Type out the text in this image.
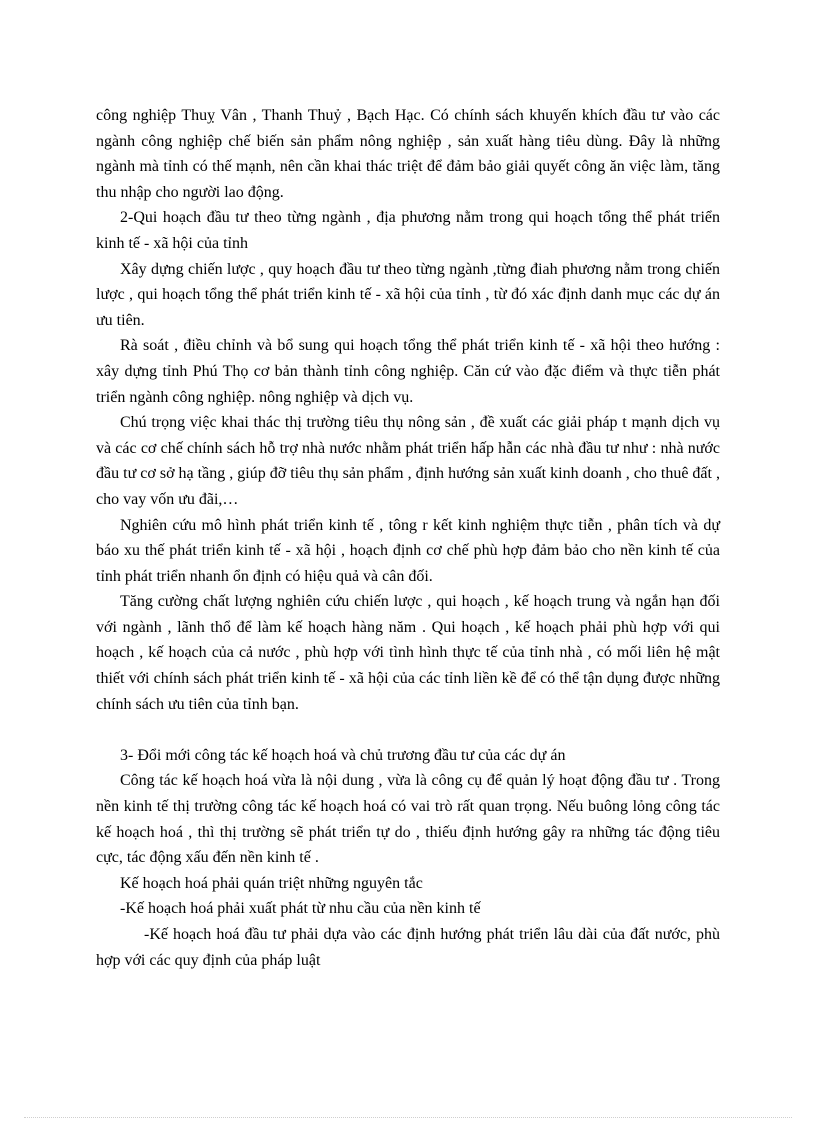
công nghiệp Thuỵ Vân , Thanh Thuỷ , Bạch Hạc. Có chính sách khuyến khích đầu tư vào các ngành công nghiệp chế biến sản phẩm nông nghiệp , sản xuất hàng tiêu dùng. Đây là những ngành mà tỉnh có thế mạnh, nên cần khai thác triệt để đảm bảo giải quyết công ăn việc làm, tăng thu nhập cho người lao động.

2-Qui hoạch đầu tư theo từng ngành , địa phương nằm trong qui hoạch tổng thể phát triển kinh tế - xã hội của tỉnh

Xây dựng chiến lược , quy hoạch đầu tư theo từng ngành ,từng điah phương nằm trong chiến lược , qui hoạch tổng thể phát triển kinh tế - xã hội của tỉnh , từ đó xác định danh mục các dự án ưu tiên.

Rà soát , điều chỉnh và bổ sung qui hoạch tổng thể phát triển kinh tế - xã hội theo hướng : xây dựng tỉnh Phú Thọ cơ bản thành tỉnh công nghiệp. Căn cứ vào đặc điểm và thực tiễn phát triển ngành công nghiệp. nông nghiệp và dịch vụ.

Chú trọng việc khai thác thị trường tiêu thụ nông sản , đề xuất các giải pháp t mạnh dịch vụ và các cơ chế chính sách hỗ trợ nhà nước nhằm phát triển hấp hẫn các nhà đầu tư như : nhà nước đầu tư cơ sở hạ tầng , giúp đỡ tiêu thụ sản phẩm , định hướng sản xuất kinh doanh , cho thuê đất , cho vay vốn ưu đãi,…

Nghiên cứu mô hình phát triển kinh tế , tông r kết kinh nghiệm thực tiễn , phân tích và dự báo xu thế phát triển kinh tế - xã hội , hoạch định cơ chế phù hợp đảm bảo cho nền kinh tế của tỉnh phát triển nhanh ổn định có hiệu quả và cân đối.

Tăng cường chất lượng nghiên cứu chiến lược , qui hoạch , kế hoạch trung và ngắn hạn đối với ngành , lãnh thổ để làm kế hoạch hàng năm . Qui hoạch , kế hoạch phải phù hợp với qui hoạch , kế hoạch của cả nước , phù hợp với tình hình thực tế của tỉnh nhà , có mối liên hệ mật thiết với chính sách phát triển kinh tế - xã hội của các tỉnh liền kề để có thể tận dụng được những chính sách ưu tiên của tỉnh bạn.

3- Đổi mới công tác kế hoạch hoá và chủ trương đầu tư của các dự án

Công tác kế hoạch hoá vừa là nội dung , vừa là công cụ để quản lý hoạt động đầu tư . Trong nền kinh tế thị trường công tác kế hoạch hoá có vai trò rất quan trọng. Nếu buông lỏng công tác kế hoạch hoá , thì thị trường sẽ phát triển tự do , thiếu định hướng gây ra những tác động tiêu cực, tác động xấu đến nền kinh tế .

Kế hoạch hoá phải quán triệt những nguyên tắc

-Kế hoạch hoá phải xuất phát từ nhu cầu của nền kinh tế

-Kế hoạch hoá đầu tư phải dựa vào các định hướng phát triển lâu dài của đất nước, phù hợp với các quy định của pháp luật
